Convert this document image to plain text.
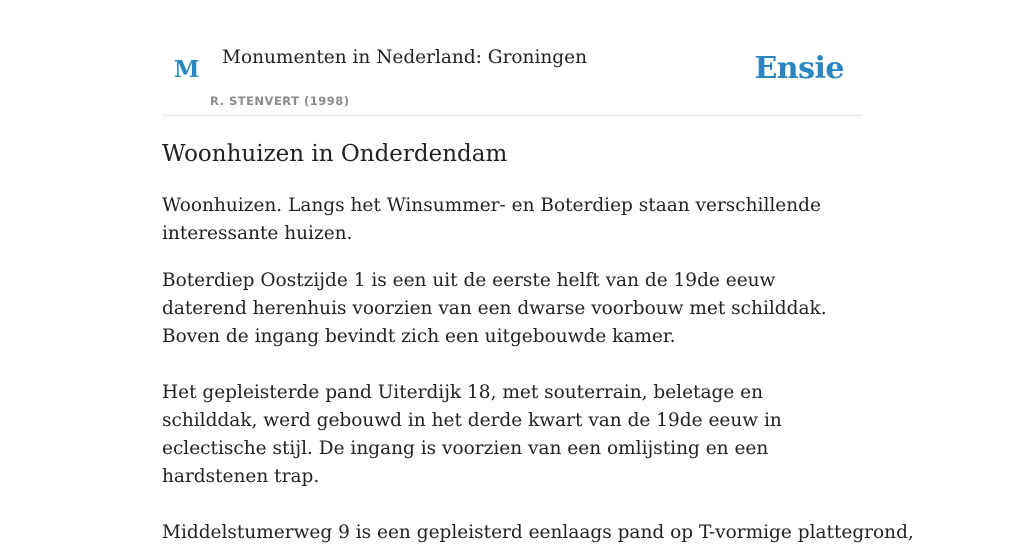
M Monumenten in Nederland: Groningen
R. STENVERT (1998)
Ensie
Woonhuizen in Onderdendam

Woonhuizen. Langs het Winsummer- en Boterdiep staan verschillende interessante huizen.

Boterdiep Oostzijde 1 is een uit de eerste helft van de 19de eeuw daterend herenhuis voorzien van een dwarse voorbouw met schilddak. Boven de ingang bevindt zich een uitgebouwde kamer.

Het gepleisterde pand Uiterdijk 18, met souterrain, beletage en schilddak, werd gebouwd in het derde kwart van de 19de eeuw in eclectische stijl. De ingang is voorzien van een omlijsting en een hardstenen trap.

Middelstumerweg 9 is een gepleisterd eenlaags pand op T-vormige plattegrond,
